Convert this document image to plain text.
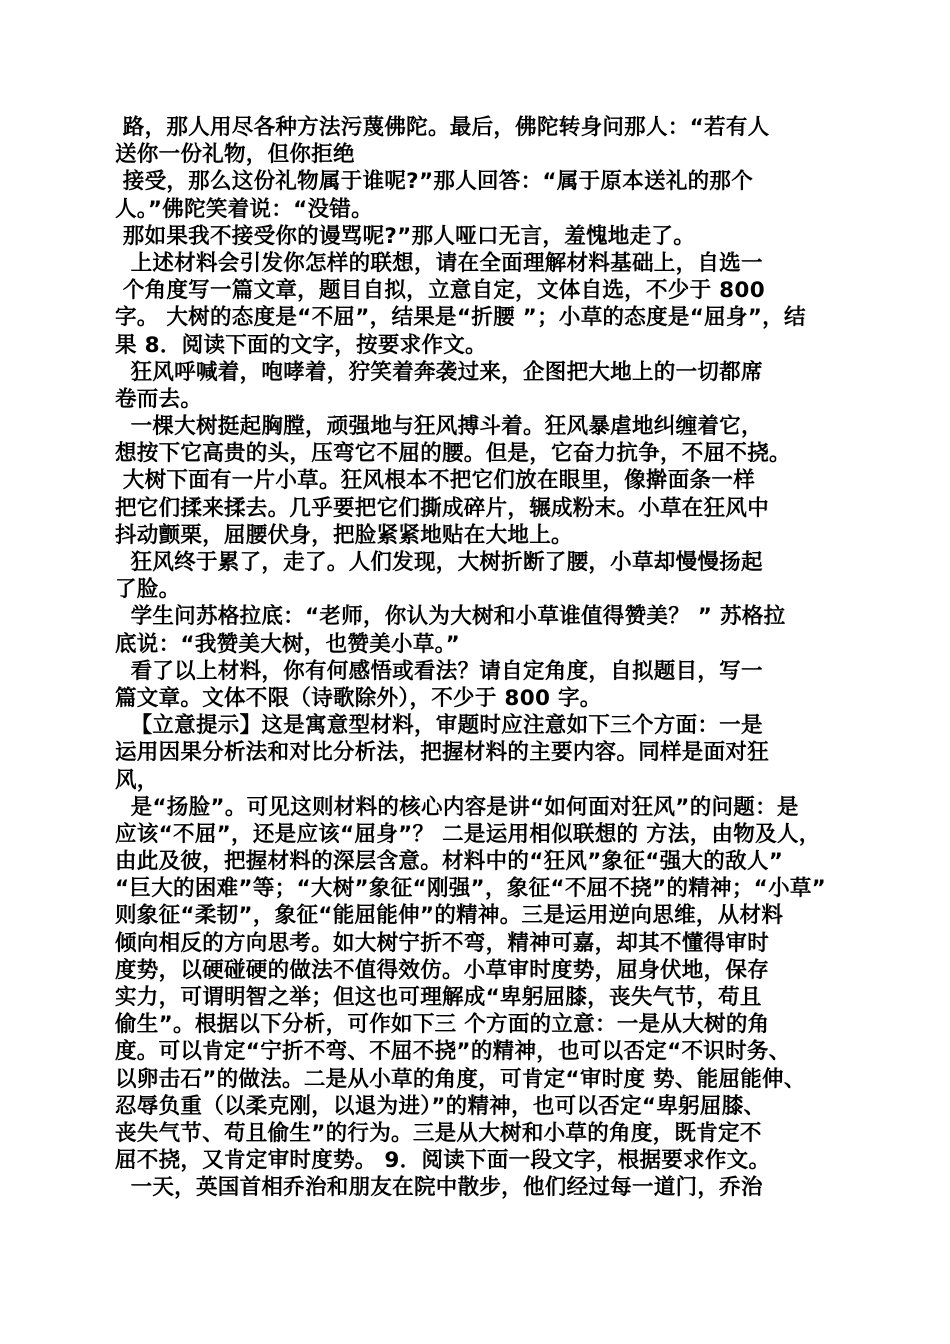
路，那人用尽各种方法污蔑佛陀。最后，佛陀转身问那人：“若有人
送你一份礼物，但你拒绝
接受，那么这份礼物属于谁呢?”那人回答：“属于原本送礼的那个
人。”佛陀笑着说：“没错。
那如果我不接受你的谩骂呢?”那人哑口无言，羞愧地走了。
上述材料会引发你怎样的联想，请在全面理解材料基础上，自选一
个角度写一篇文章，题目自拟，立意自定，文体自选，不少于 800
字。 大树的态度是“不屈”，结果是“折腰 ”；小草的态度是“屈身”，结
果 8．阅读下面的文字，按要求作文。
狂风呼喊着，咆哮着，狞笑着奔袭过来，企图把大地上的一切都席
卷而去。
一棵大树挺起胸膛，顽强地与狂风搏斗着。狂风暴虐地纠缠着它，
想按下它高贵的头，压弯它不屈的腰。但是，它奋力抗争，不屈不挠。
大树下面有一片小草。狂风根本不把它们放在眼里，像擀面条一样
把它们揉来揉去。几乎要把它们撕成碎片，辗成粉末。小草在狂风中
抖动颤栗，屈腰伏身，把脸紧紧地贴在大地上。
狂风终于累了，走了。人们发现，大树折断了腰，小草却慢慢扬起
了脸。
学生问苏格拉底：“老师，你认为大树和小草谁值得赞美？ ” 苏格拉
底说：“我赞美大树，也赞美小草。”
看了以上材料，你有何感悟或看法？请自定角度，自拟题目，写一
篇文章。文体不限（诗歌除外），不少于 800 字。
【立意提示】这是寓意型材料，审题时应注意如下三个方面：一是
运用因果分析法和对比分析法，把握材料的主要内容。同样是面对狂
风，
是“扬脸”。可见这则材料的核心内容是讲“如何面对狂风”的问题：是
应该“不屈”，还是应该“屈身”？ 二是运用相似联想的 方法，由物及人，
由此及彼，把握材料的深层含意。材料中的“狂风”象征“强大的敌人”
“巨大的困难”等；“大树”象征“刚强”，象征“不屈不挠”的精神；“小草”
则象征“柔韧”，象征“能屈能伸”的精神。三是运用逆向思维，从材料
倾向相反的方向思考。如大树宁折不弯，精神可嘉，却其不懂得审时
度势，以硬碰硬的做法不值得效仿。小草审时度势，屈身伏地，保存
实力，可谓明智之举；但这也可理解成“卑躬屈膝，丧失气节，苟且
偷生”。根据以下分析，可作如下三 个方面的立意：一是从大树的角
度。可以肯定“宁折不弯、不屈不挠”的精神，也可以否定“不识时务、
以卵击石”的做法。二是从小草的角度，可肯定“审时度 势、能屈能伸、
忍辱负重（以柔克刚，以退为进）”的精神，也可以否定“卑躬屈膝、
丧失气节、苟且偷生”的行为。三是从大树和小草的角度，既肯定不
屈不挠，又肯定审时度势。 9．阅读下面一段文字，根据要求作文。
一天，英国首相乔治和朋友在院中散步，他们经过每一道门，乔治
